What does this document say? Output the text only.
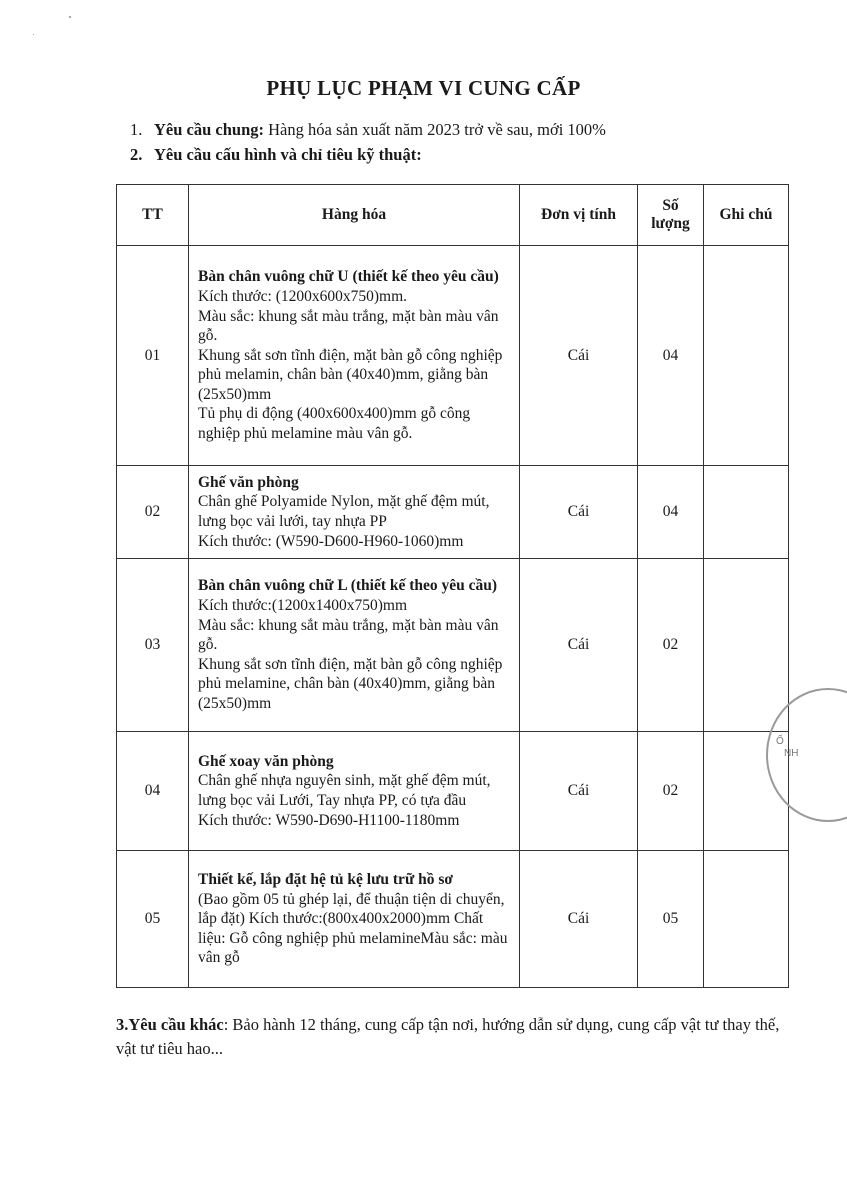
PHỤ LỤC PHẠM VI CUNG CẤP
1. Yêu cầu chung: Hàng hóa sản xuất năm 2023 trở về sau, mới 100%
2. Yêu cầu cấu hình và chỉ tiêu kỹ thuật:
TT	Hàng hóa	Đơn vị tính	Số lượng	Ghi chú
01	Bàn chân vuông chữ U (thiết kế theo yêu cầu)
Kích thước: (1200x600x750)mm.
Màu sắc: khung sắt màu trắng, mặt bàn màu vân gỗ.
Khung sắt sơn tĩnh điện, mặt bàn gỗ công nghiệp phủ melamin, chân bàn (40x40)mm, giằng bàn (25x50)mm
Tủ phụ di động (400x600x400)mm gỗ công nghiệp phủ melamine màu vân gỗ.	Cái	04	
02	Ghế văn phòng
Chân ghế Polyamide Nylon, mặt ghế đệm mút, lưng bọc vải lưới, tay nhựa PP
Kích thước: (W590-D600-H960-1060)mm	Cái	04	
03	Bàn chân vuông chữ L (thiết kế theo yêu cầu)
Kích thước:(1200x1400x750)mm
Màu sắc: khung sắt màu trắng, mặt bàn màu vân gỗ.
Khung sắt sơn tĩnh điện, mặt bàn gỗ công nghiệp phủ melamine, chân bàn (40x40)mm, giằng bàn (25x50)mm	Cái	02	
04	Ghế xoay văn phòng
Chân ghế nhựa nguyên sinh, mặt ghế đệm mút, lưng bọc vải Lưới, Tay nhựa PP, có tựa đầu
Kích thước: W590-D690-H1100-1180mm	Cái	02	
05	Thiết kế, lắp đặt hệ tủ kệ lưu trữ hồ sơ
(Bao gồm 05 tủ ghép lại, để thuận tiện di chuyển, lắp đặt) Kích thước:(800x400x2000)mm Chất liệu: Gỗ công nghiệp phủ melamineMàu sắc: màu vân gỗ	Cái	05	
3.Yêu cầu khác: Bảo hành 12 tháng, cung cấp tận nơi, hướng dẫn sử dụng, cung cấp vật tư thay thế, vật tư tiêu hao...
Ố
NH
